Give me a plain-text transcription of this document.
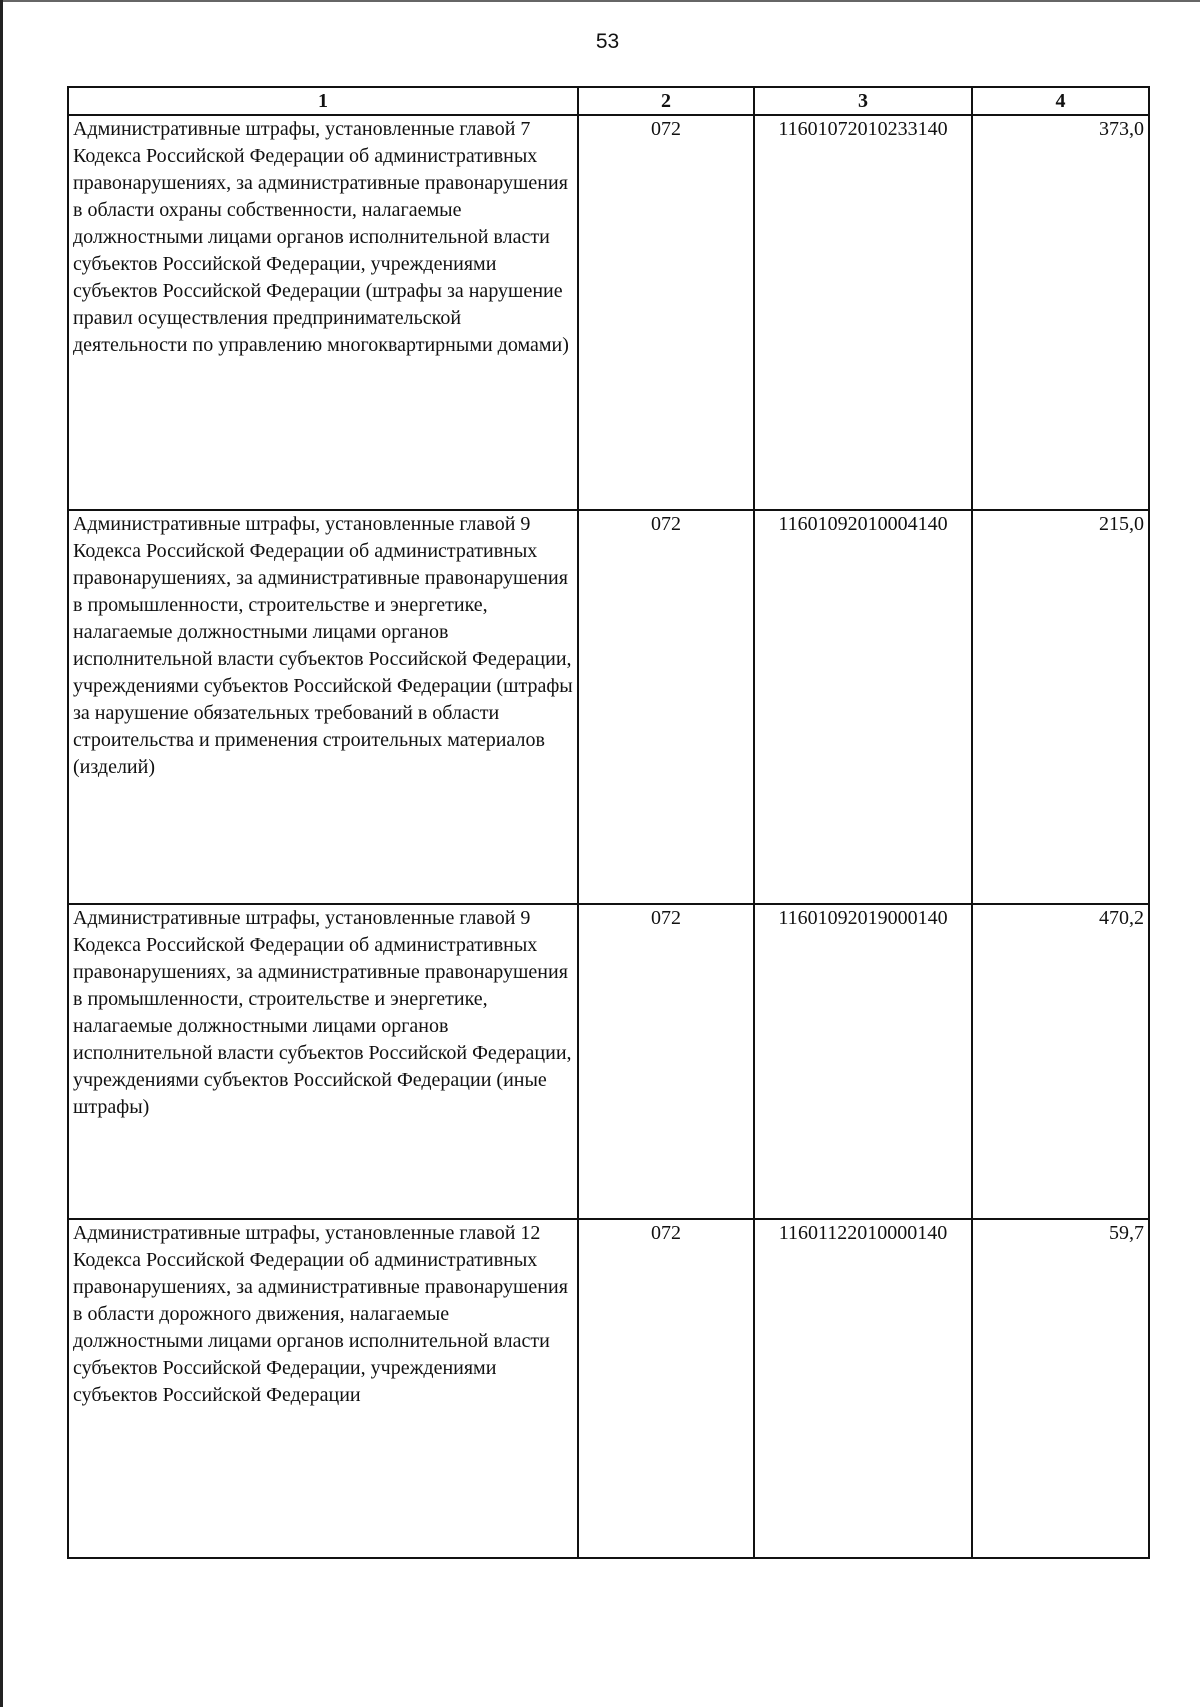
53
1	2	3	4
Административные штрафы, установленные главой 7 Кодекса Российской Федерации об административных правонарушениях, за административные правонарушения в области охраны собственности, налагаемые должностными лицами органов исполнительной власти субъектов Российской Федерации, учреждениями субъектов Российской Федерации (штрафы за нарушение правил осуществления предпринимательской деятельности по управлению многоквартирными домами)	072	11601072010233140	373,0
Административные штрафы, установленные главой 9 Кодекса Российской Федерации об административных правонарушениях, за административные правонарушения в промышленности, строительстве и энергетике, налагаемые должностными лицами органов исполнительной власти субъектов Российской Федерации, учреждениями субъектов Российской Федерации (штрафы за нарушение обязательных требований в области строительства и применения строительных материалов (изделий)	072	11601092010004140	215,0
Административные штрафы, установленные главой 9 Кодекса Российской Федерации об административных правонарушениях, за административные правонарушения в промышленности, строительстве и энергетике, налагаемые должностными лицами органов исполнительной власти субъектов Российской Федерации, учреждениями субъектов Российской Федерации (иные штрафы)	072	11601092019000140	470,2
Административные штрафы, установленные главой 12 Кодекса Российской Федерации об административных правонарушениях, за административные правонарушения в области дорожного движения, налагаемые должностными лицами органов исполнительной власти субъектов Российской Федерации, учреждениями субъектов Российской Федерации	072	11601122010000140	59,7
